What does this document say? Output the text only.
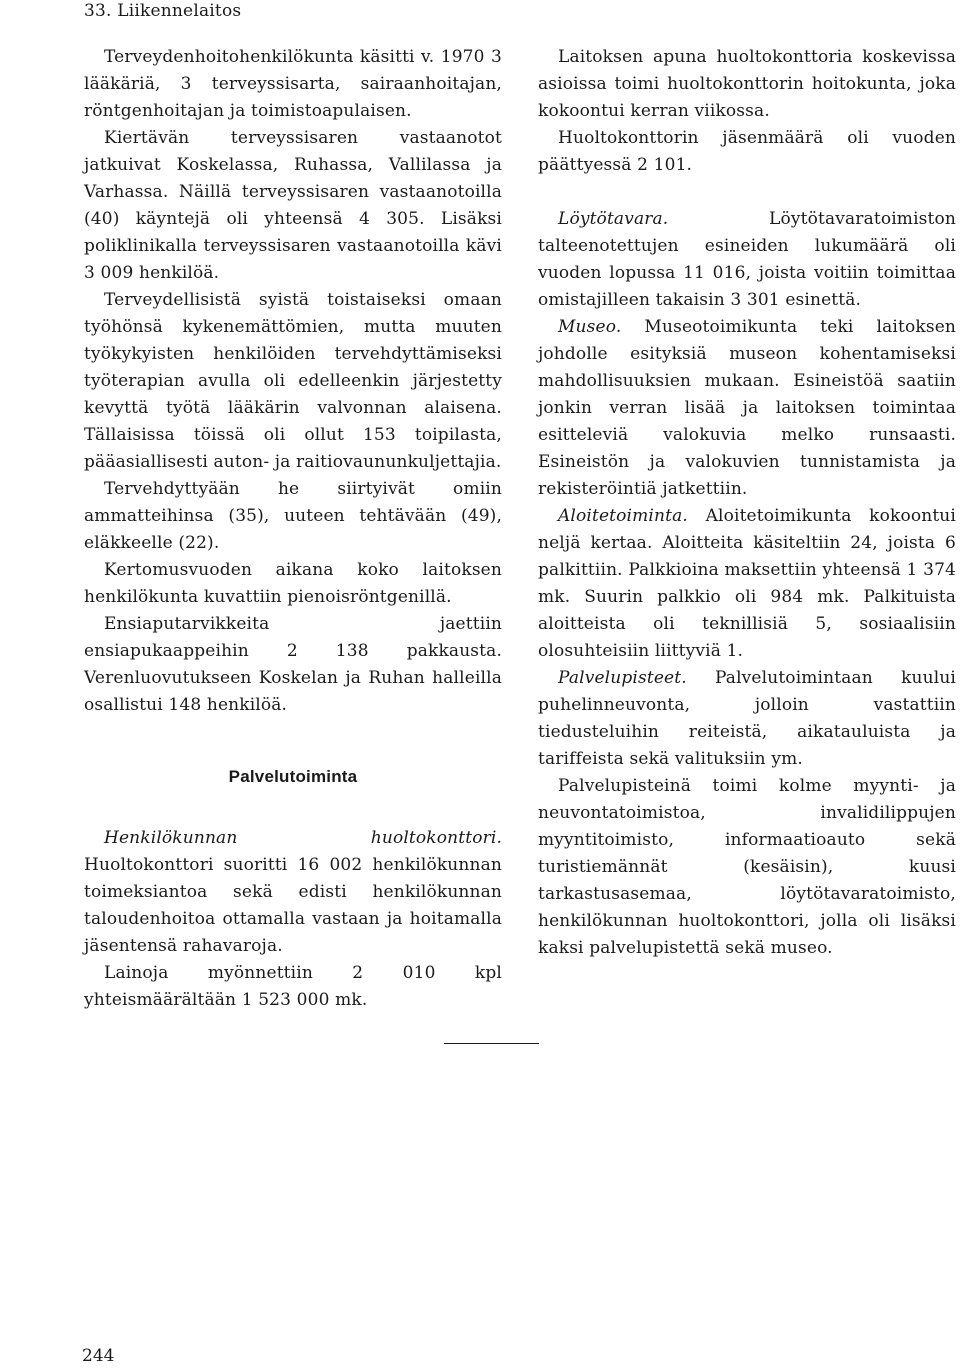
33. Liikennelaitos

Terveydenhoitohenkilökunta käsitti v. 1970 3 lääkäriä, 3 terveyssisarta, sairaanhoitajan, röntgenhoitajan ja toimistoapulaisen.

Kiertävän terveyssisaren vastaanotot jatkuivat Koskelassa, Ruhassa, Vallilassa ja Varhassa. Näillä terveyssisaren vastaanotoilla (40) käyntejä oli yhteensä 4 305. Lisäksi poliklinikalla terveyssisaren vastaanotoilla kävi 3 009 henkilöä.

Terveydellisistä syistä toistaiseksi omaan työhönsä kykenemättömien, mutta muuten työkykyisten henkilöiden tervehdyttämiseksi työterapian avulla oli edelleenkin järjestetty kevyttä työtä lääkärin valvonnan alaisena. Tällaisissa töissä oli ollut 153 toipilasta, pääasiallisesti auton- ja raitiovaununkuljettajia.

Tervehdyttyään he siirtyivät omiin ammatteihinsa (35), uuteen tehtävään (49), eläkkeelle (22).

Kertomusvuoden aikana koko laitoksen henkilökunta kuvattiin pienoisröntgenillä.

Ensiaputarvikkeita jaettiin ensiapukaappeihin 2 138 pakkausta. Verenluovutukseen Koskelan ja Ruhan halleilla osallistui 148 henkilöä.

Palvelutoiminta

Henkilökunnan huoltokonttori. Huoltokonttori suoritti 16 002 henkilökunnan toimeksiantoa sekä edisti henkilökunnan taloudenhoitoa ottamalla vastaan ja hoitamalla jäsentensä rahavaroja.

Lainoja myönnettiin 2 010 kpl yhteismäärältään 1 523 000 mk.

Laitoksen apuna huoltokonttoria koskevissa asioissa toimi huoltokonttorin hoitokunta, joka kokoontui kerran viikossa.

Huoltokonttorin jäsenmäärä oli vuoden päättyessä 2 101.

Löytötavara. Löytötavaratoimiston talteenotettujen esineiden lukumäärä oli vuoden lopussa 11 016, joista voitiin toimittaa omistajilleen takaisin 3 301 esinettä.

Museo. Museotoimikunta teki laitoksen johdolle esityksiä museon kohentamiseksi mahdollisuuksien mukaan. Esineistöä saatiin jonkin verran lisää ja laitoksen toimintaa esitteleviä valokuvia melko runsaasti. Esineistön ja valokuvien tunnistamista ja rekisteröintiä jatkettiin.

Aloitetoiminta. Aloitetoimikunta kokoontui neljä kertaa. Aloitteita käsiteltiin 24, joista 6 palkittiin. Palkkioina maksettiin yhteensä 1 374 mk. Suurin palkkio oli 984 mk. Palkituista aloitteista oli teknillisiä 5, sosiaalisiin olosuhteisiin liittyviä 1.

Palvelupisteet. Palvelutoimintaan kuului puhelinneuvonta, jolloin vastattiin tiedusteluihin reiteistä, aikatauluista ja tariffeista sekä valituksiin ym.

Palvelupisteinä toimi kolme myynti- ja neuvontatoimistoa, invalidilippujen myyntitoimisto, informaatioauto sekä turistiemännät (kesäisin), kuusi tarkastusasemaa, löytötavaratoimisto, henkilökunnan huoltokonttori, jolla oli lisäksi kaksi palvelupistettä sekä museo.

244
